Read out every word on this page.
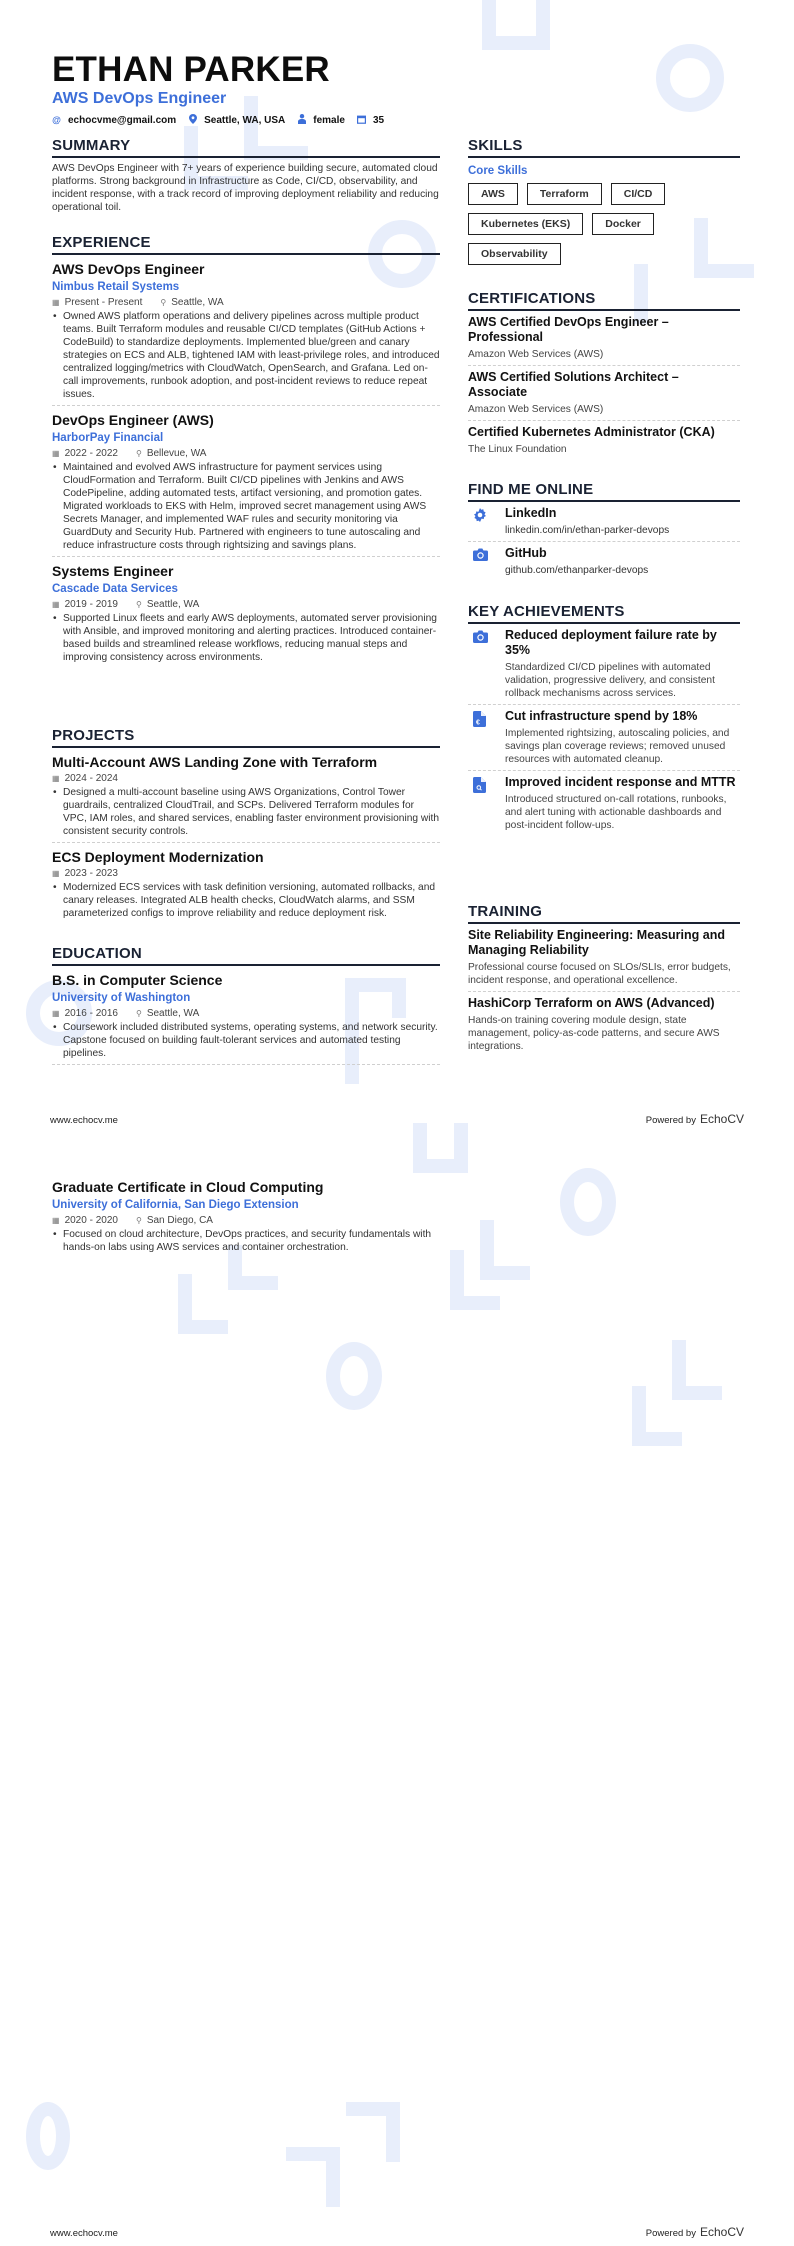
ETHAN PARKER
AWS DevOps Engineer
@ echocvme@gmail.com	Seattle, WA, USA	female	35
SUMMARY
AWS DevOps Engineer with 7+ years of experience building secure, automated cloud platforms. Strong background in Infrastructure as Code, CI/CD, observability, and incident response, with a track record of improving deployment reliability and reducing operational toil.
EXPERIENCE
AWS DevOps Engineer
Nimbus Retail Systems
▦ Present - Present ⚲ Seattle, WA
• Owned AWS platform operations and delivery pipelines across multiple product teams. Built Terraform modules and reusable CI/CD templates (GitHub Actions + CodeBuild) to standardize deployments. Implemented blue/green and canary strategies on ECS and ALB, tightened IAM with least-privilege roles, and introduced centralized logging/metrics with CloudWatch, OpenSearch, and Grafana. Led on-call improvements, runbook adoption, and post-incident reviews to reduce repeat issues.
DevOps Engineer (AWS)
HarborPay Financial
▦ 2022 - 2022 ⚲ Bellevue, WA
• Maintained and evolved AWS infrastructure for payment services using CloudFormation and Terraform. Built CI/CD pipelines with Jenkins and AWS CodePipeline, adding automated tests, artifact versioning, and promotion gates. Migrated workloads to EKS with Helm, improved secret management using AWS Secrets Manager, and implemented WAF rules and security monitoring via GuardDuty and Security Hub. Partnered with engineers to tune autoscaling and reduce infrastructure costs through rightsizing and savings plans.
Systems Engineer
Cascade Data Services
▦ 2019 - 2019 ⚲ Seattle, WA
• Supported Linux fleets and early AWS deployments, automated server provisioning with Ansible, and improved monitoring and alerting practices. Introduced container-based builds and streamlined release workflows, reducing manual steps and improving consistency across environments.
PROJECTS
Multi-Account AWS Landing Zone with Terraform
▦ 2024 - 2024
• Designed a multi-account baseline using AWS Organizations, Control Tower guardrails, centralized CloudTrail, and SCPs. Delivered Terraform modules for VPC, IAM roles, and shared services, enabling faster environment provisioning with consistent security controls.
ECS Deployment Modernization
▦ 2023 - 2023
• Modernized ECS services with task definition versioning, automated rollbacks, and canary releases. Integrated ALB health checks, CloudWatch alarms, and SSM parameterized configs to improve reliability and reduce deployment risk.
EDUCATION
B.S. in Computer Science
University of Washington
▦ 2016 - 2016 ⚲ Seattle, WA
• Coursework included distributed systems, operating systems, and network security. Capstone focused on building fault-tolerant services and automated testing pipelines.
SKILLS
Core Skills
AWS	Terraform	CI/CD
Kubernetes (EKS)	Docker
Observability
CERTIFICATIONS
AWS Certified DevOps Engineer – Professional
Amazon Web Services (AWS)
AWS Certified Solutions Architect – Associate
Amazon Web Services (AWS)
Certified Kubernetes Administrator (CKA)
The Linux Foundation
FIND ME ONLINE
LinkedIn
linkedin.com/in/ethan-parker-devops
GitHub
github.com/ethanparker-devops
KEY ACHIEVEMENTS
Reduced deployment failure rate by 35%
Standardized CI/CD pipelines with automated validation, progressive delivery, and consistent rollback mechanisms across services.
€ Cut infrastructure spend by 18%
Implemented rightsizing, autoscaling policies, and savings plan coverage reviews; removed unused resources with automated cleanup.
Improved incident response and MTTR
Introduced structured on-call rotations, runbooks, and alert tuning with actionable dashboards and post-incident follow-ups.
TRAINING
Site Reliability Engineering: Measuring and Managing Reliability
Professional course focused on SLOs/SLIs, error budgets, incident response, and operational excellence.
HashiCorp Terraform on AWS (Advanced)
Hands-on training covering module design, state management, policy-as-code patterns, and secure AWS integrations.
www.echocv.me	Powered by EchoCV
Graduate Certificate in Cloud Computing
University of California, San Diego Extension
▦ 2020 - 2020 ⚲ San Diego, CA
• Focused on cloud architecture, DevOps practices, and security fundamentals with hands-on labs using AWS services and container orchestration.
www.echocv.me	Powered by EchoCV
